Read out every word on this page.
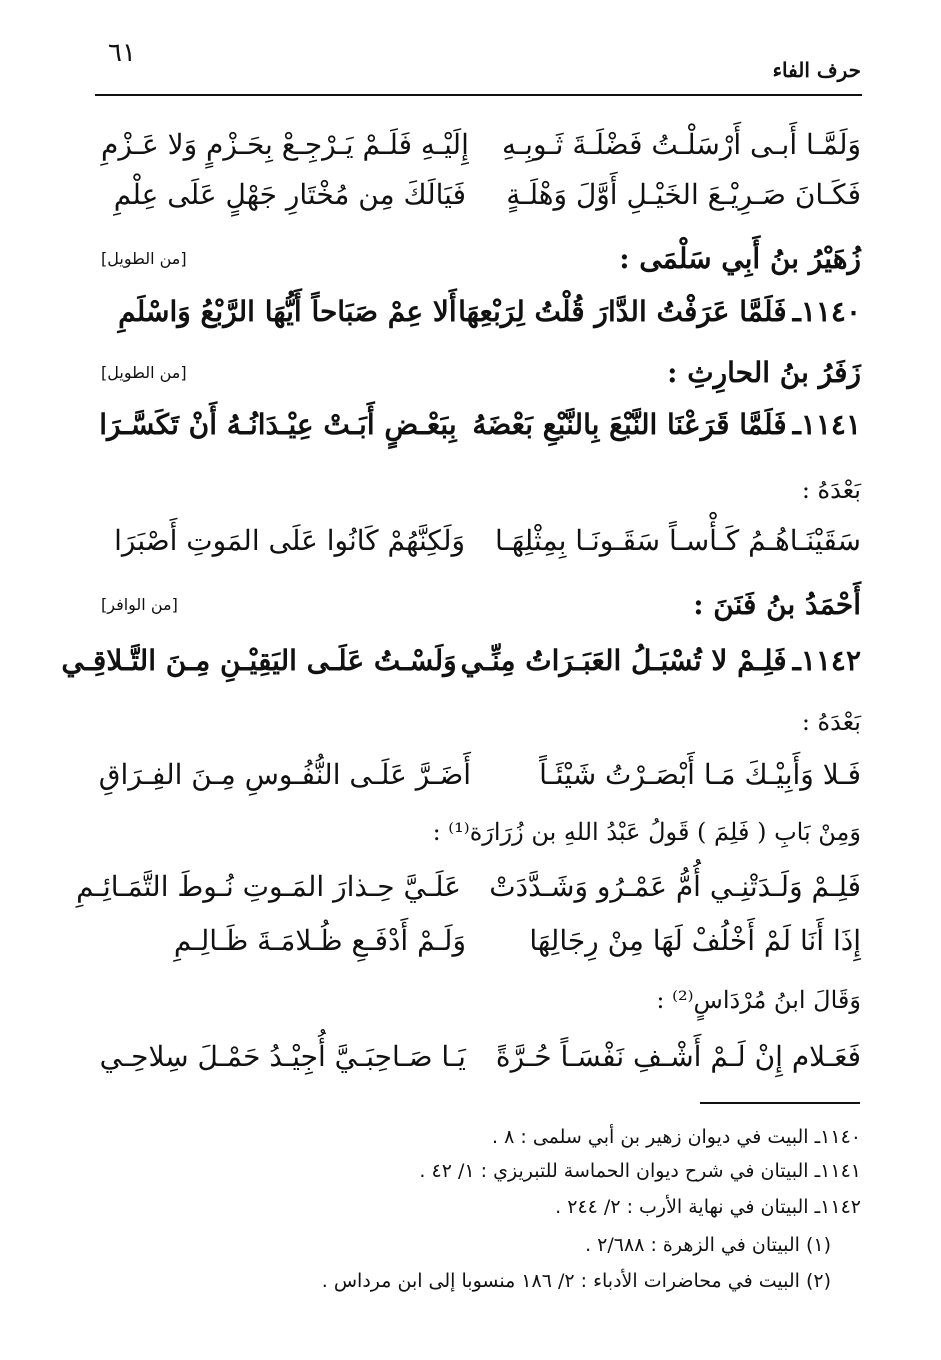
٦١
حرف الفاء
وَلَمَّـا أَبـى أَرْسَلْـتُ فَضْلَـةَ ثَـوبِـهِ
إِلَيْـهِ فَلَـمْ يَـرْجِـعْ بِحَـزْمٍ وَلا عَـزْمِ
فَكَـانَ صَـرِيْـعَ الخَيْـلِ أَوَّلَ وَهْلَـةٍ
فَيَالَكَ مِن مُخْتَارِ جَهْلٍ عَلَى عِلْمِ
زُهَيْرُ بنُ أَبِي سَلْمَى :
[من الطويل]
١١٤٠ـ
فَلَمَّا عَرَفْتُ الدَّارَ قُلْتُ لِرَبْعِهَا
أَلا عِمْ صَبَاحاً أَيُّهَا الرَّبْعُ وَاسْلَمِ
زَفَرُ بنُ الحارِثِ :
[من الطويل]
١١٤١ـ
فَلَمَّا قَرَعْنَا النَّبْعَ بِالنَّبْعِ بَعْضَهُ
بِبَعْـضٍ أَبَـتْ عِيْـدَانُـهُ أَنْ تَكَسَّـرَا
بَعْدَهُ :
سَقَيْنَـاهُـمُ كَـأْسـاً سَقَـونَـا بِمِثْلِهَـا
وَلَكِنَّهُمْ كَانُوا عَلَى المَوتِ أَصْبَرَا
أَحْمَدُ بنُ فَنَنَ :
[من الوافر]
١١٤٢ـ
فَلِـمْ لا تُسْبَـلُ العَبَـرَاتُ مِنِّـي
وَلَسْـتُ عَلَـى اليَقِيْـنِ مِـنَ التَّـلاقِـي
بَعْدَهُ :
فَـلا وَأَبِيْـكَ مَـا أَبْصَـرْتُ شَيْئَـاً
أَضَـرَّ عَلَـى النُّفُـوسِ مِـنَ الفِـرَاقِ
وَمِنْ بَابِ ( فَلِمَ ) قَولُ عَبْدُ اللهِ بن زُرَارَة⁽¹⁾ :
فَلِـمْ وَلَـدَتْنِـي أُمُّ عَمْـرُو وَشَـدَّدَتْ
عَلَـيَّ حِـذارَ المَـوتِ نُـوطَ التَّمَـائِـمِ
إِذَا أَنَا لَمْ أَخْلُفْ لَهَا مِنْ رِجَالِهَا
وَلَـمْ أَدْفَـعِ ظُـلامَـةَ ظَـالِـمِ
وَقَالَ ابنُ مُرْدَاسٍ⁽²⁾ :
فَعَـلام إِنْ لَـمْ أَشْـفِ نَفْسَـاً حُـرَّةً
يَـا صَـاحِبَـيَّ أُجِيْـدُ حَمْـلَ سِلاحِـي
١١٤٠ـ البيت في ديوان زهير بن أبي سلمى : ٨ .
١١٤١ـ البيتان في شرح ديوان الحماسة للتبريزي : ١/ ٤٢ .
١١٤٢ـ البيتان في نهاية الأرب : ٢/ ٢٤٤ .
(١) البيتان في الزهرة : ٢/٦٨٨ .
(٢) البيت في محاضرات الأدباء : ٢/ ١٨٦ منسوبا إلى ابن مرداس .
